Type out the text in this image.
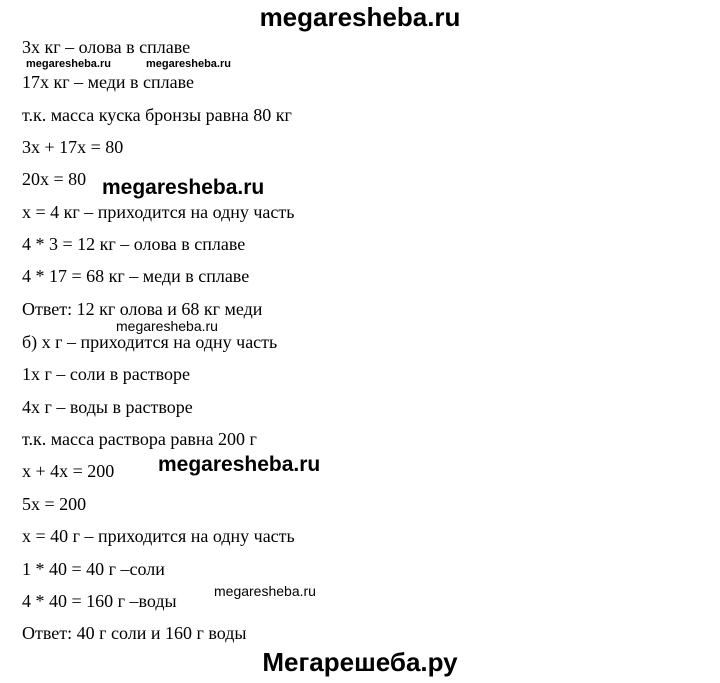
megaresheba.ru
3х кг – олова в сплаве
17х кг – меди в сплаве
т.к. масса куска бронзы равна 80 кг
3х + 17х = 80
20х = 80
х = 4 кг – приходится на одну часть
4 * 3 = 12 кг – олова в сплаве
4 * 17 = 68 кг – меди в сплаве
Ответ: 12 кг олова и 68 кг меди
б) х г – приходится на одну часть
1х г – соли в растворе
4х г – воды в растворе
т.к. масса раствора равна 200 г
х + 4х = 200
5х = 200
х = 40 г – приходится на одну часть
1 * 40 = 40 г –соли
4 * 40 = 160 г –воды
Ответ: 40 г соли и 160 г воды
megaresheba.ru	megaresheba.ru
megaresheba.ru
megaresheba.ru
megaresheba.ru
megaresheba.ru
Мегарешеба.ру
